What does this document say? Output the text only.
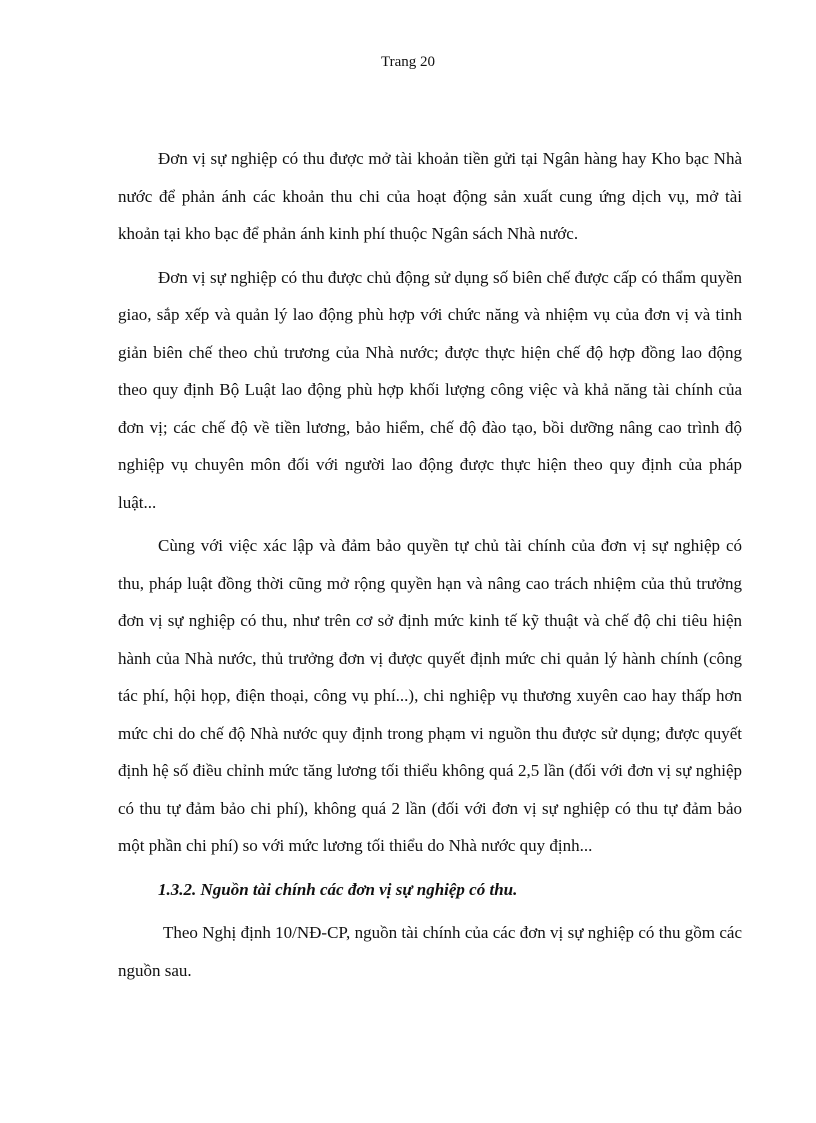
Trang 20

Đơn vị sự nghiệp có thu được mở tài khoản tiền gửi tại Ngân hàng hay Kho bạc Nhà nước để phản ánh các khoản thu chi của hoạt động sản xuất cung ứng dịch vụ, mở tài khoản tại kho bạc để phản ánh kinh phí thuộc Ngân sách Nhà nước.

Đơn vị sự nghiệp có thu được chủ động sử dụng số biên chế được cấp có thẩm quyền giao, sắp xếp và quản lý lao động phù hợp với chức năng và nhiệm vụ của đơn vị và tinh giản biên chế theo chủ trương của Nhà nước; được thực hiện chế độ hợp đồng lao động theo quy định Bộ Luật lao động phù hợp khối lượng công việc và khả năng tài chính của đơn vị; các chế độ về tiền lương, bảo hiểm, chế độ đào tạo, bồi dưỡng nâng cao trình độ nghiệp vụ chuyên môn đối với người lao động được thực hiện theo quy định của pháp luật...

Cùng với việc xác lập và đảm bảo quyền tự chủ tài chính của đơn vị sự nghiệp có thu, pháp luật đồng thời cũng mở rộng quyền hạn và nâng cao trách nhiệm của thủ trưởng đơn vị sự nghiệp có thu, như trên cơ sở định mức kinh tế kỹ thuật và chế độ chi tiêu hiện hành của Nhà nước, thủ trưởng đơn vị được quyết định mức chi quản lý hành chính (công tác phí, hội họp, điện thoại, công vụ phí...), chi nghiệp vụ thương xuyên cao hay thấp hơn mức chi do chế độ Nhà nước quy định trong phạm vi nguồn thu được sử dụng; được quyết định hệ số điều chỉnh mức tăng lương tối thiểu không quá 2,5 lần (đối với đơn vị sự nghiệp có thu tự đảm bảo chi phí), không quá 2 lần (đối với đơn vị sự nghiệp có thu tự đảm bảo một phần chi phí) so với mức lương tối thiểu do Nhà nước quy định...

1.3.2. Nguồn tài chính các đơn vị sự nghiệp có thu.

Theo Nghị định 10/NĐ-CP, nguồn tài chính của các đơn vị sự nghiệp có thu gồm các nguồn sau.
